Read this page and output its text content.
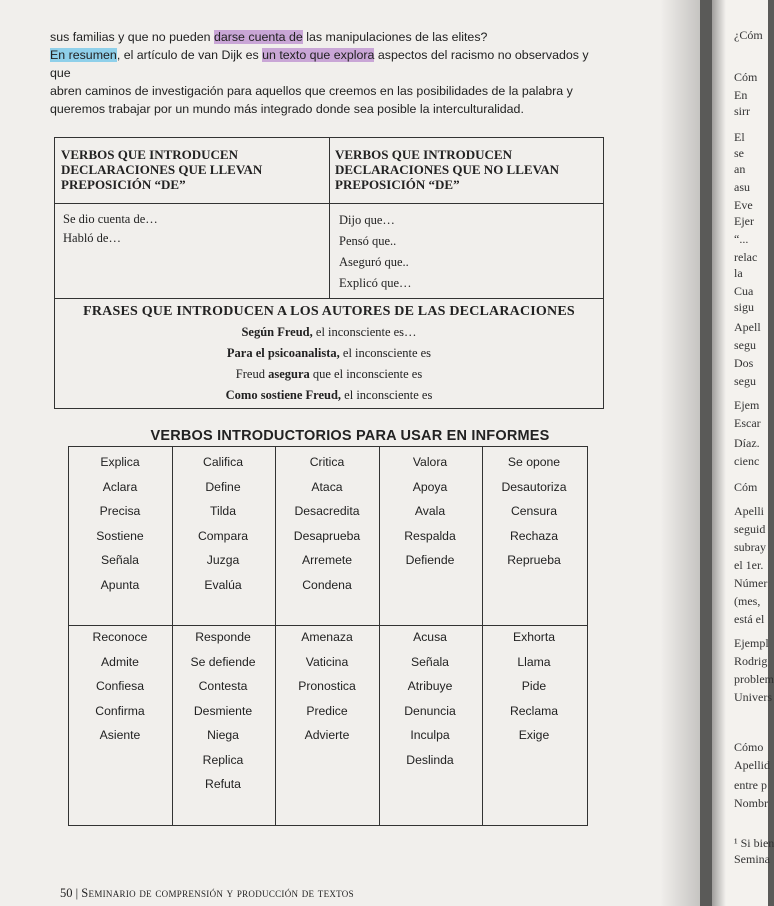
sus familias y que no pueden darse cuenta de las manipulaciones de las elites?

En resumen, el artículo de van Dijk es un texto que explora aspectos del racismo no observados y que

abren caminos de investigación para aquellos que creemos en las posibilidades de la palabra y

queremos trabajar por un mundo más integrado donde sea posible la interculturalidad.

VERBOS QUE INTRODUCEN
DECLARACIONES QUE LLEVAN
PREPOSICIÓN “DE”
VERBOS QUE INTRODUCEN
DECLARACIONES QUE NO LLEVAN
PREPOSICIÓN “DE”
Se dio cuenta de…
Habló de…
Dijo que…
Pensó que..
Aseguró que..
Explicó que…
FRASES QUE INTRODUCEN A LOS AUTORES DE LAS DECLARACIONES
Según Freud, el inconsciente es…
Para el psicoanalista, el inconsciente es
Freud asegura que el inconsciente es
Como sostiene Freud, el inconsciente es
VERBOS INTRODUCTORIOS PARA USAR EN INFORMES
Explica
Aclara
Precisa
Sostiene
Señala
Apunta
Califica
Define
Tilda
Compara
Juzga
Evalúa
Critica
Ataca
Desacredita
Desaprueba
Arremete
Condena
Valora
Apoya
Avala
Respalda
Defiende
Se opone
Desautoriza
Censura
Rechaza
Reprueba
Reconoce
Admite
Confiesa
Confirma
Asiente
Responde
Se defiende
Contesta
Desmiente
Niega
Replica
Refuta
Amenaza
Vaticina
Pronostica
Predice
Advierte
Acusa
Señala
Atribuye
Denuncia
Inculpa
Deslinda
Exhorta
Llama
Pide
Reclama
Exige
50 | Seminario de comprensión y producción de textos
¿Cóm
Cóm
En
sirr
El
se
an
asu
Eve
Ejer
“...
relac
la
Cua
sigu
Apell
segu
Dos
segu
Ejem
Escar
Díaz.
cienc
Cóm
Apelli
seguid
subray
el 1er.
Númer
(mes,
está el
Ejempl
Rodrig
problem
Univers
Cómo
Apellid
entre p
Nombr
¹ Si bien
Semina
